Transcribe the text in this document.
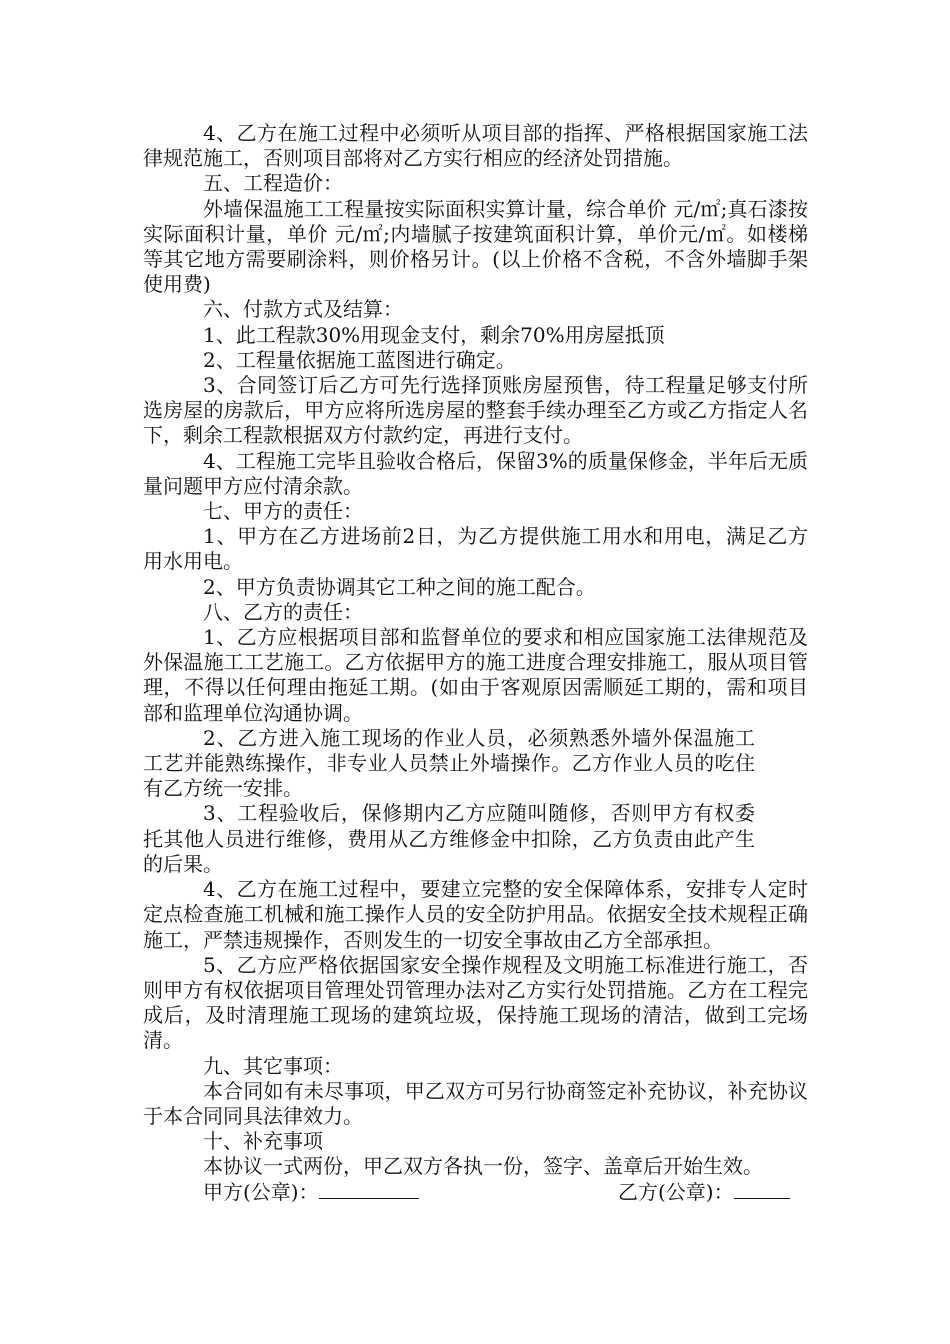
4、乙方在施工过程中必须听从项目部的指挥、严格根据国家施工法律规范施工，否则项目部将对乙方实行相应的经济处罚措施。

五、工程造价：

外墙保温施工工程量按实际面积实算计量，综合单价 元/㎡;真石漆按实际面积计量，单价 元/㎡;内墙腻子按建筑面积计算，单价元/㎡。如楼梯等其它地方需要刷涂料，则价格另计。(以上价格不含税，不含外墙脚手架使用费)

六、付款方式及结算：

1、此工程款30%用现金支付，剩余70%用房屋抵顶

2、工程量依据施工蓝图进行确定。

3、合同签订后乙方可先行选择顶账房屋预售，待工程量足够支付所选房屋的房款后，甲方应将所选房屋的整套手续办理至乙方或乙方指定人名下，剩余工程款根据双方付款约定，再进行支付。

4、工程施工完毕且验收合格后，保留3%的质量保修金，半年后无质量问题甲方应付清余款。

七、甲方的责任：

1、甲方在乙方进场前2日，为乙方提供施工用水和用电，满足乙方用水用电。

2、甲方负责协调其它工种之间的施工配合。

八、乙方的责任：

1、乙方应根据项目部和监督单位的要求和相应国家施工法律规范及外保温施工工艺施工。乙方依据甲方的施工进度合理安排施工，服从项目管理，不得以任何理由拖延工期。(如由于客观原因需顺延工期的，需和项目部和监理单位沟通协调。

2、乙方进入施工现场的作业人员，必须熟悉外墙外保温施工工艺并能熟练操作，非专业人员禁止外墙操作。乙方作业人员的吃住有乙方统一安排。

3、工程验收后，保修期内乙方应随叫随修，否则甲方有权委托其他人员进行维修，费用从乙方维修金中扣除，乙方负责由此产生的后果。

4、乙方在施工过程中，要建立完整的安全保障体系，安排专人定时定点检查施工机械和施工操作人员的安全防护用品。依据安全技术规程正确施工，严禁违规操作，否则发生的一切安全事故由乙方全部承担。

5、乙方应严格依据国家安全操作规程及文明施工标准进行施工，否则甲方有权依据项目管理处罚管理办法对乙方实行处罚措施。乙方在工程完成后，及时清理施工现场的建筑垃圾，保持施工现场的清洁，做到工完场清。

九、其它事项：

本合同如有未尽事项，甲乙双方可另行协商签定补充协议，补充协议于本合同同具法律效力。

十、补充事项

本协议一式两份，甲乙双方各执一份，签字、盖章后开始生效。

甲方(公章)：	乙方(公章)：
